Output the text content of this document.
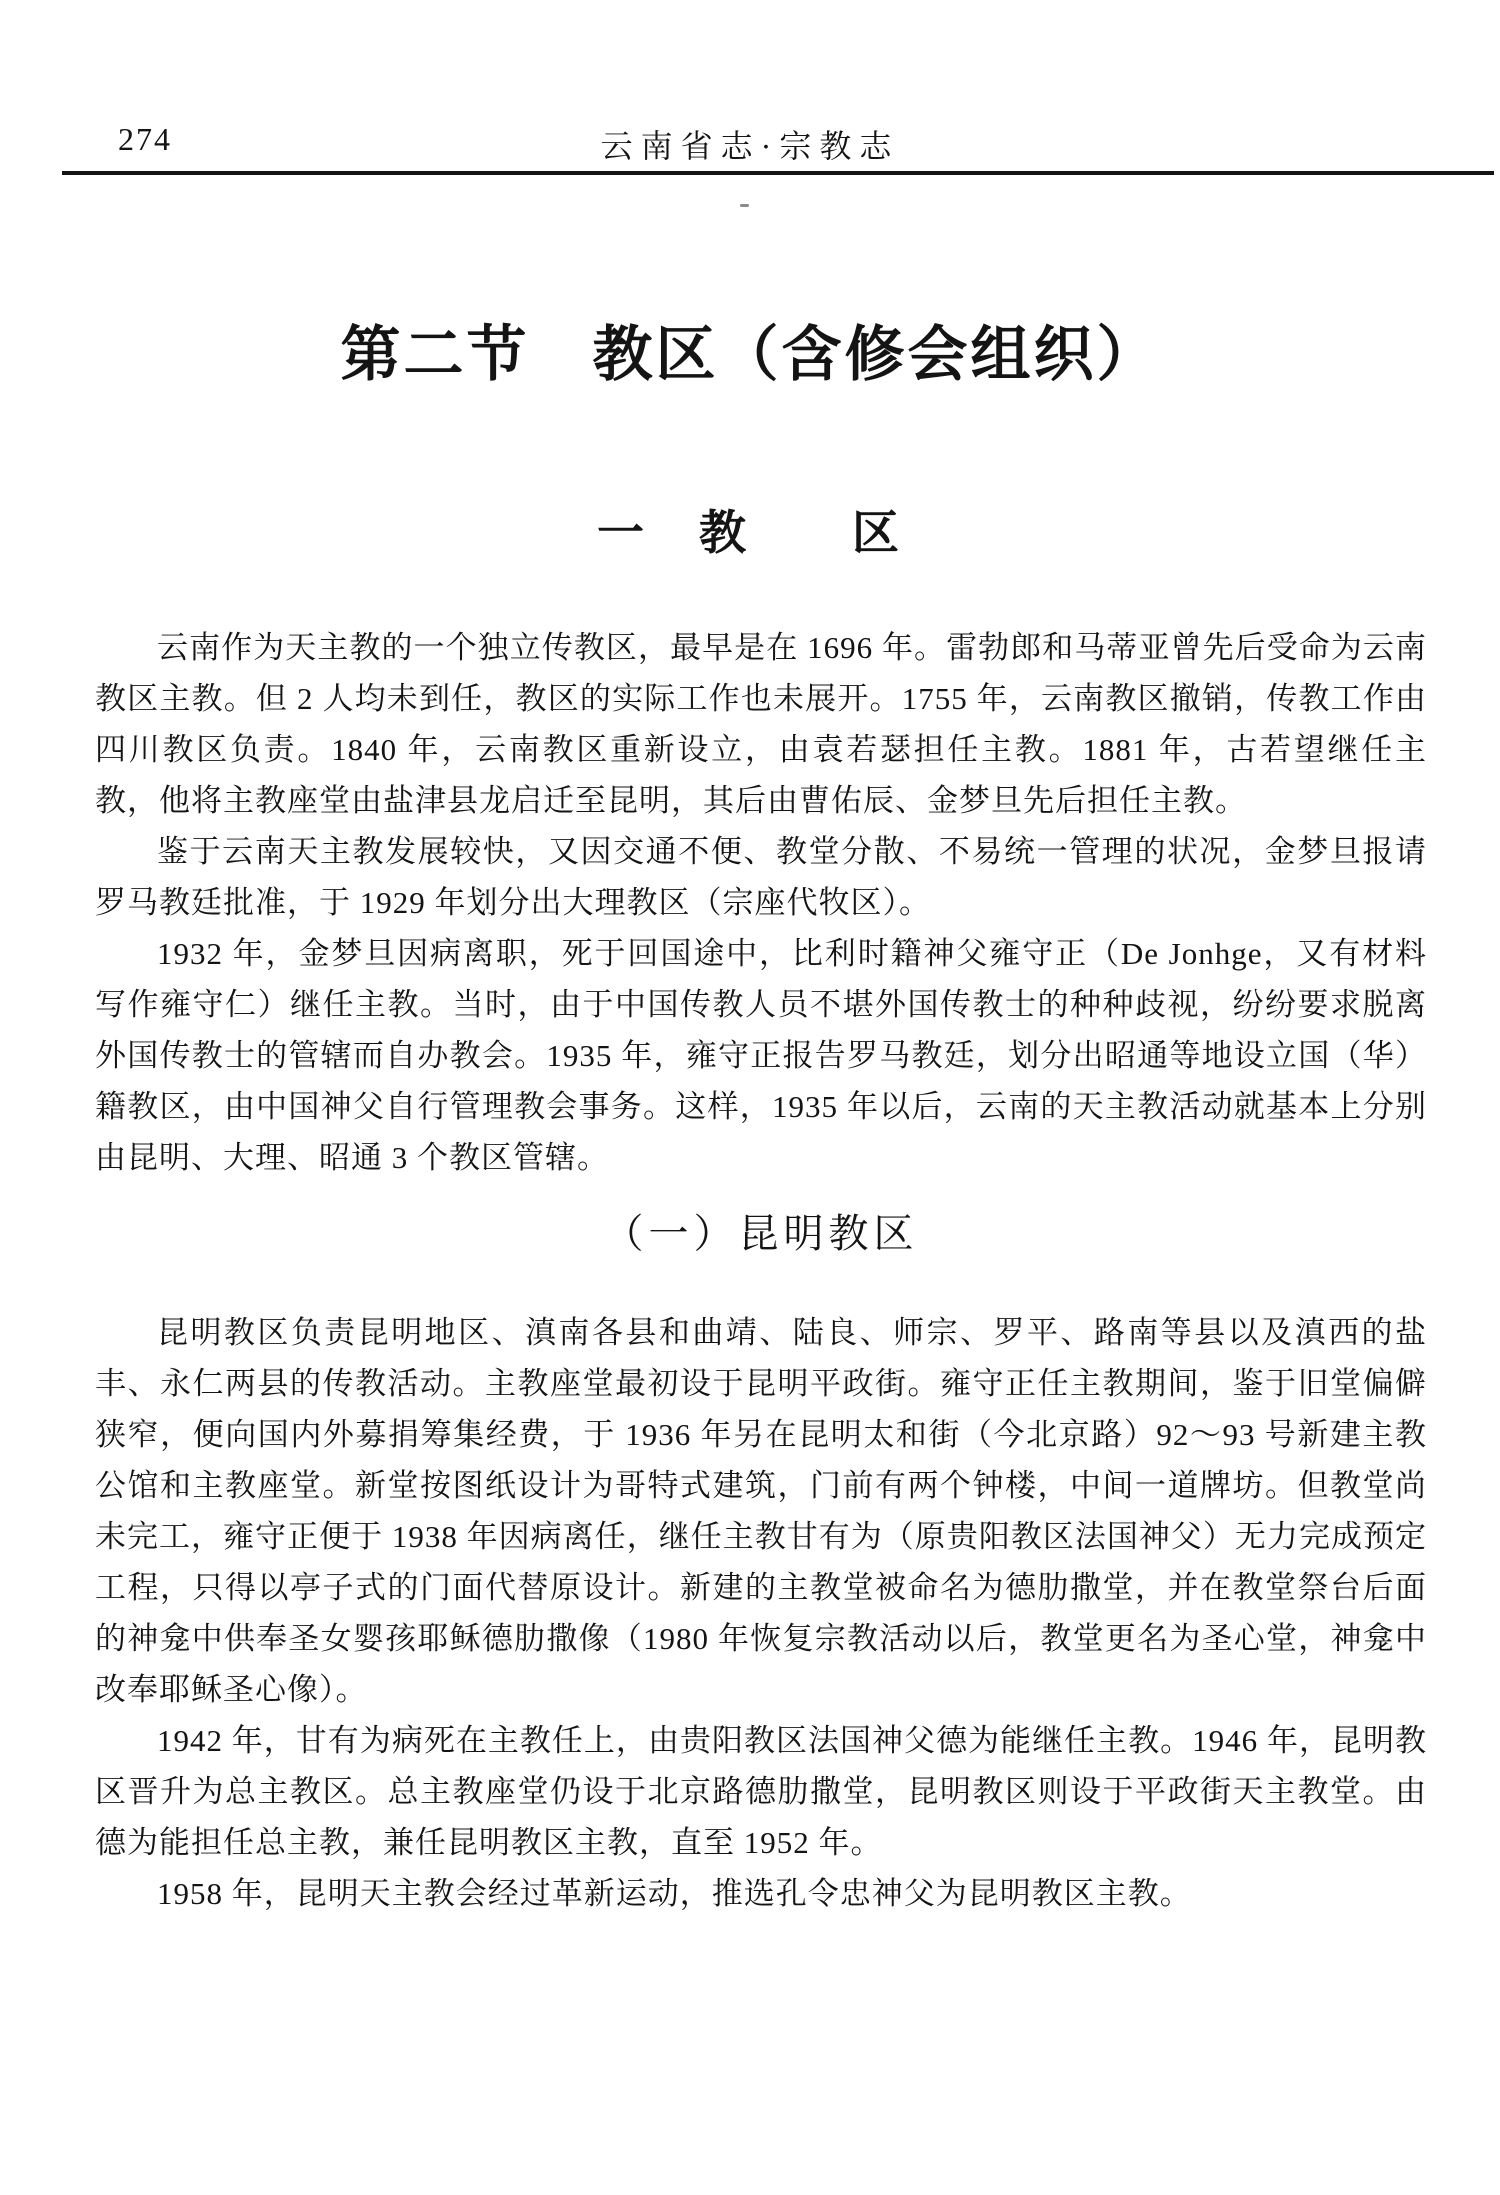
274	云南省志·宗教志
第二节　教区（含修会组织）
一　教　　区

云南作为天主教的一个独立传教区，最早是在 1696 年。雷勃郎和马蒂亚曾先后受命为云南教区主教。但 2 人均未到任，教区的实际工作也未展开。1755 年，云南教区撤销，传教工作由四川教区负责。1840 年，云南教区重新设立，由袁若瑟担任主教。1881 年，古若望继任主教，他将主教座堂由盐津县龙启迁至昆明，其后由曹佑辰、金梦旦先后担任主教。

鉴于云南天主教发展较快，又因交通不便、教堂分散、不易统一管理的状况，金梦旦报请罗马教廷批准，于 1929 年划分出大理教区（宗座代牧区）。

1932 年，金梦旦因病离职，死于回国途中，比利时籍神父雍守正（De Jonhge，又有材料写作雍守仁）继任主教。当时，由于中国传教人员不堪外国传教士的种种歧视，纷纷要求脱离外国传教士的管辖而自办教会。1935 年，雍守正报告罗马教廷，划分出昭通等地设立国（华）籍教区，由中国神父自行管理教会事务。这样，1935 年以后，云南的天主教活动就基本上分别由昆明、大理、昭通 3 个教区管辖。

（一）昆明教区

昆明教区负责昆明地区、滇南各县和曲靖、陆良、师宗、罗平、路南等县以及滇西的盐丰、永仁两县的传教活动。主教座堂最初设于昆明平政街。雍守正任主教期间，鉴于旧堂偏僻狭窄，便向国内外募捐筹集经费，于 1936 年另在昆明太和街（今北京路）92～93 号新建主教公馆和主教座堂。新堂按图纸设计为哥特式建筑，门前有两个钟楼，中间一道牌坊。但教堂尚未完工，雍守正便于 1938 年因病离任，继任主教甘有为（原贵阳教区法国神父）无力完成预定工程，只得以亭子式的门面代替原设计。新建的主教堂被命名为德肋撒堂，并在教堂祭台后面的神龛中供奉圣女婴孩耶稣德肋撒像（1980 年恢复宗教活动以后，教堂更名为圣心堂，神龛中改奉耶稣圣心像）。

1942 年，甘有为病死在主教任上，由贵阳教区法国神父德为能继任主教。1946 年，昆明教区晋升为总主教区。总主教座堂仍设于北京路德肋撒堂，昆明教区则设于平政街天主教堂。由德为能担任总主教，兼任昆明教区主教，直至 1952 年。

1958 年，昆明天主教会经过革新运动，推选孔令忠神父为昆明教区主教。
